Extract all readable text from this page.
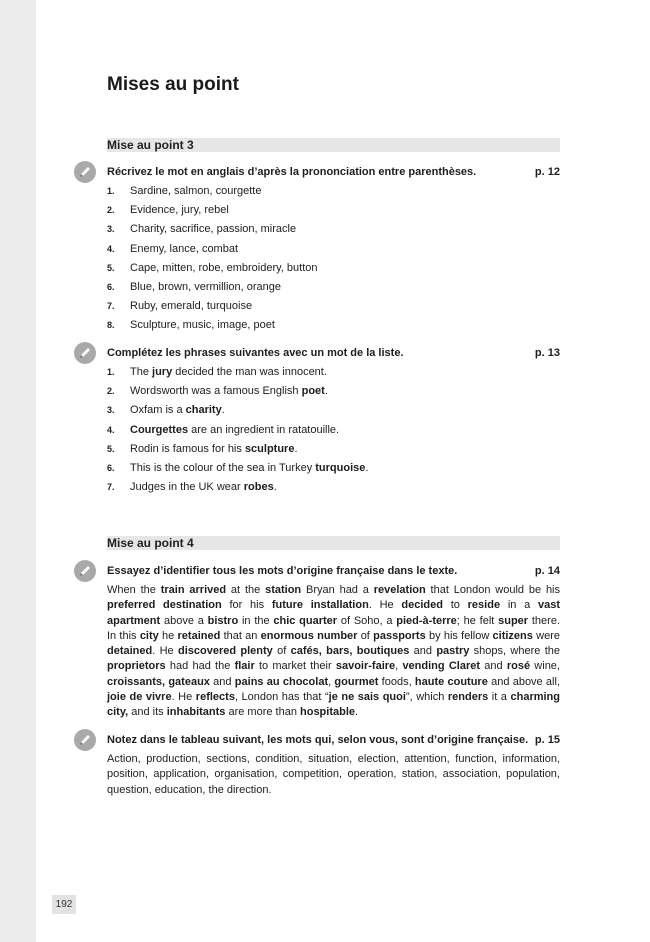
Mises au point
Mise au point 3
Récrivez le mot en anglais d’après la prononciation entre parenthèses.	p. 12
1.	Sardine, salmon, courgette
2.	Evidence, jury, rebel
3.	Charity, sacrifice, passion, miracle
4.	Enemy, lance, combat
5.	Cape, mitten, robe, embroidery, button
6.	Blue, brown, vermillion, orange
7.	Ruby, emerald, turquoise
8.	Sculpture, music, image, poet
Complétez les phrases suivantes avec un mot de la liste.	p. 13
1.	The jury decided the man was innocent.
2.	Wordsworth was a famous English poet.
3.	Oxfam is a charity.
4.	Courgettes are an ingredient in ratatouille.
5.	Rodin is famous for his sculpture.
6.	This is the colour of the sea in Turkey turquoise.
7.	Judges in the UK wear robes.
Mise au point 4
Essayez d’identifier tous les mots d’origine française dans le texte.	p. 14

When the train arrived at the station Bryan had a revelation that London would be his preferred destination for his future installation. He decided to reside in a vast apartment above a bistro in the chic quarter of Soho, a pied-à-terre; he felt super there. In this city he retained that an enormous number of passports by his fellow citizens were detained. He discovered plenty of cafés, bars, boutiques and pastry shops, where the proprietors had had the flair to market their savoir-faire, vending Claret and rosé wine, croissants, gateaux and pains au chocolat, gourmet foods, haute couture and above all, joie de vivre. He reflects, London has that “je ne sais quoi”, which renders it a charming city, and its inhabitants are more than hospitable.

Notez dans le tableau suivant, les mots qui, selon vous, sont d’origine française. p. 15

Action, production, sections, condition, situation, election, attention, function, information, position, application, organisation, competition, operation, station, association, population, question, education, the direction.

192
